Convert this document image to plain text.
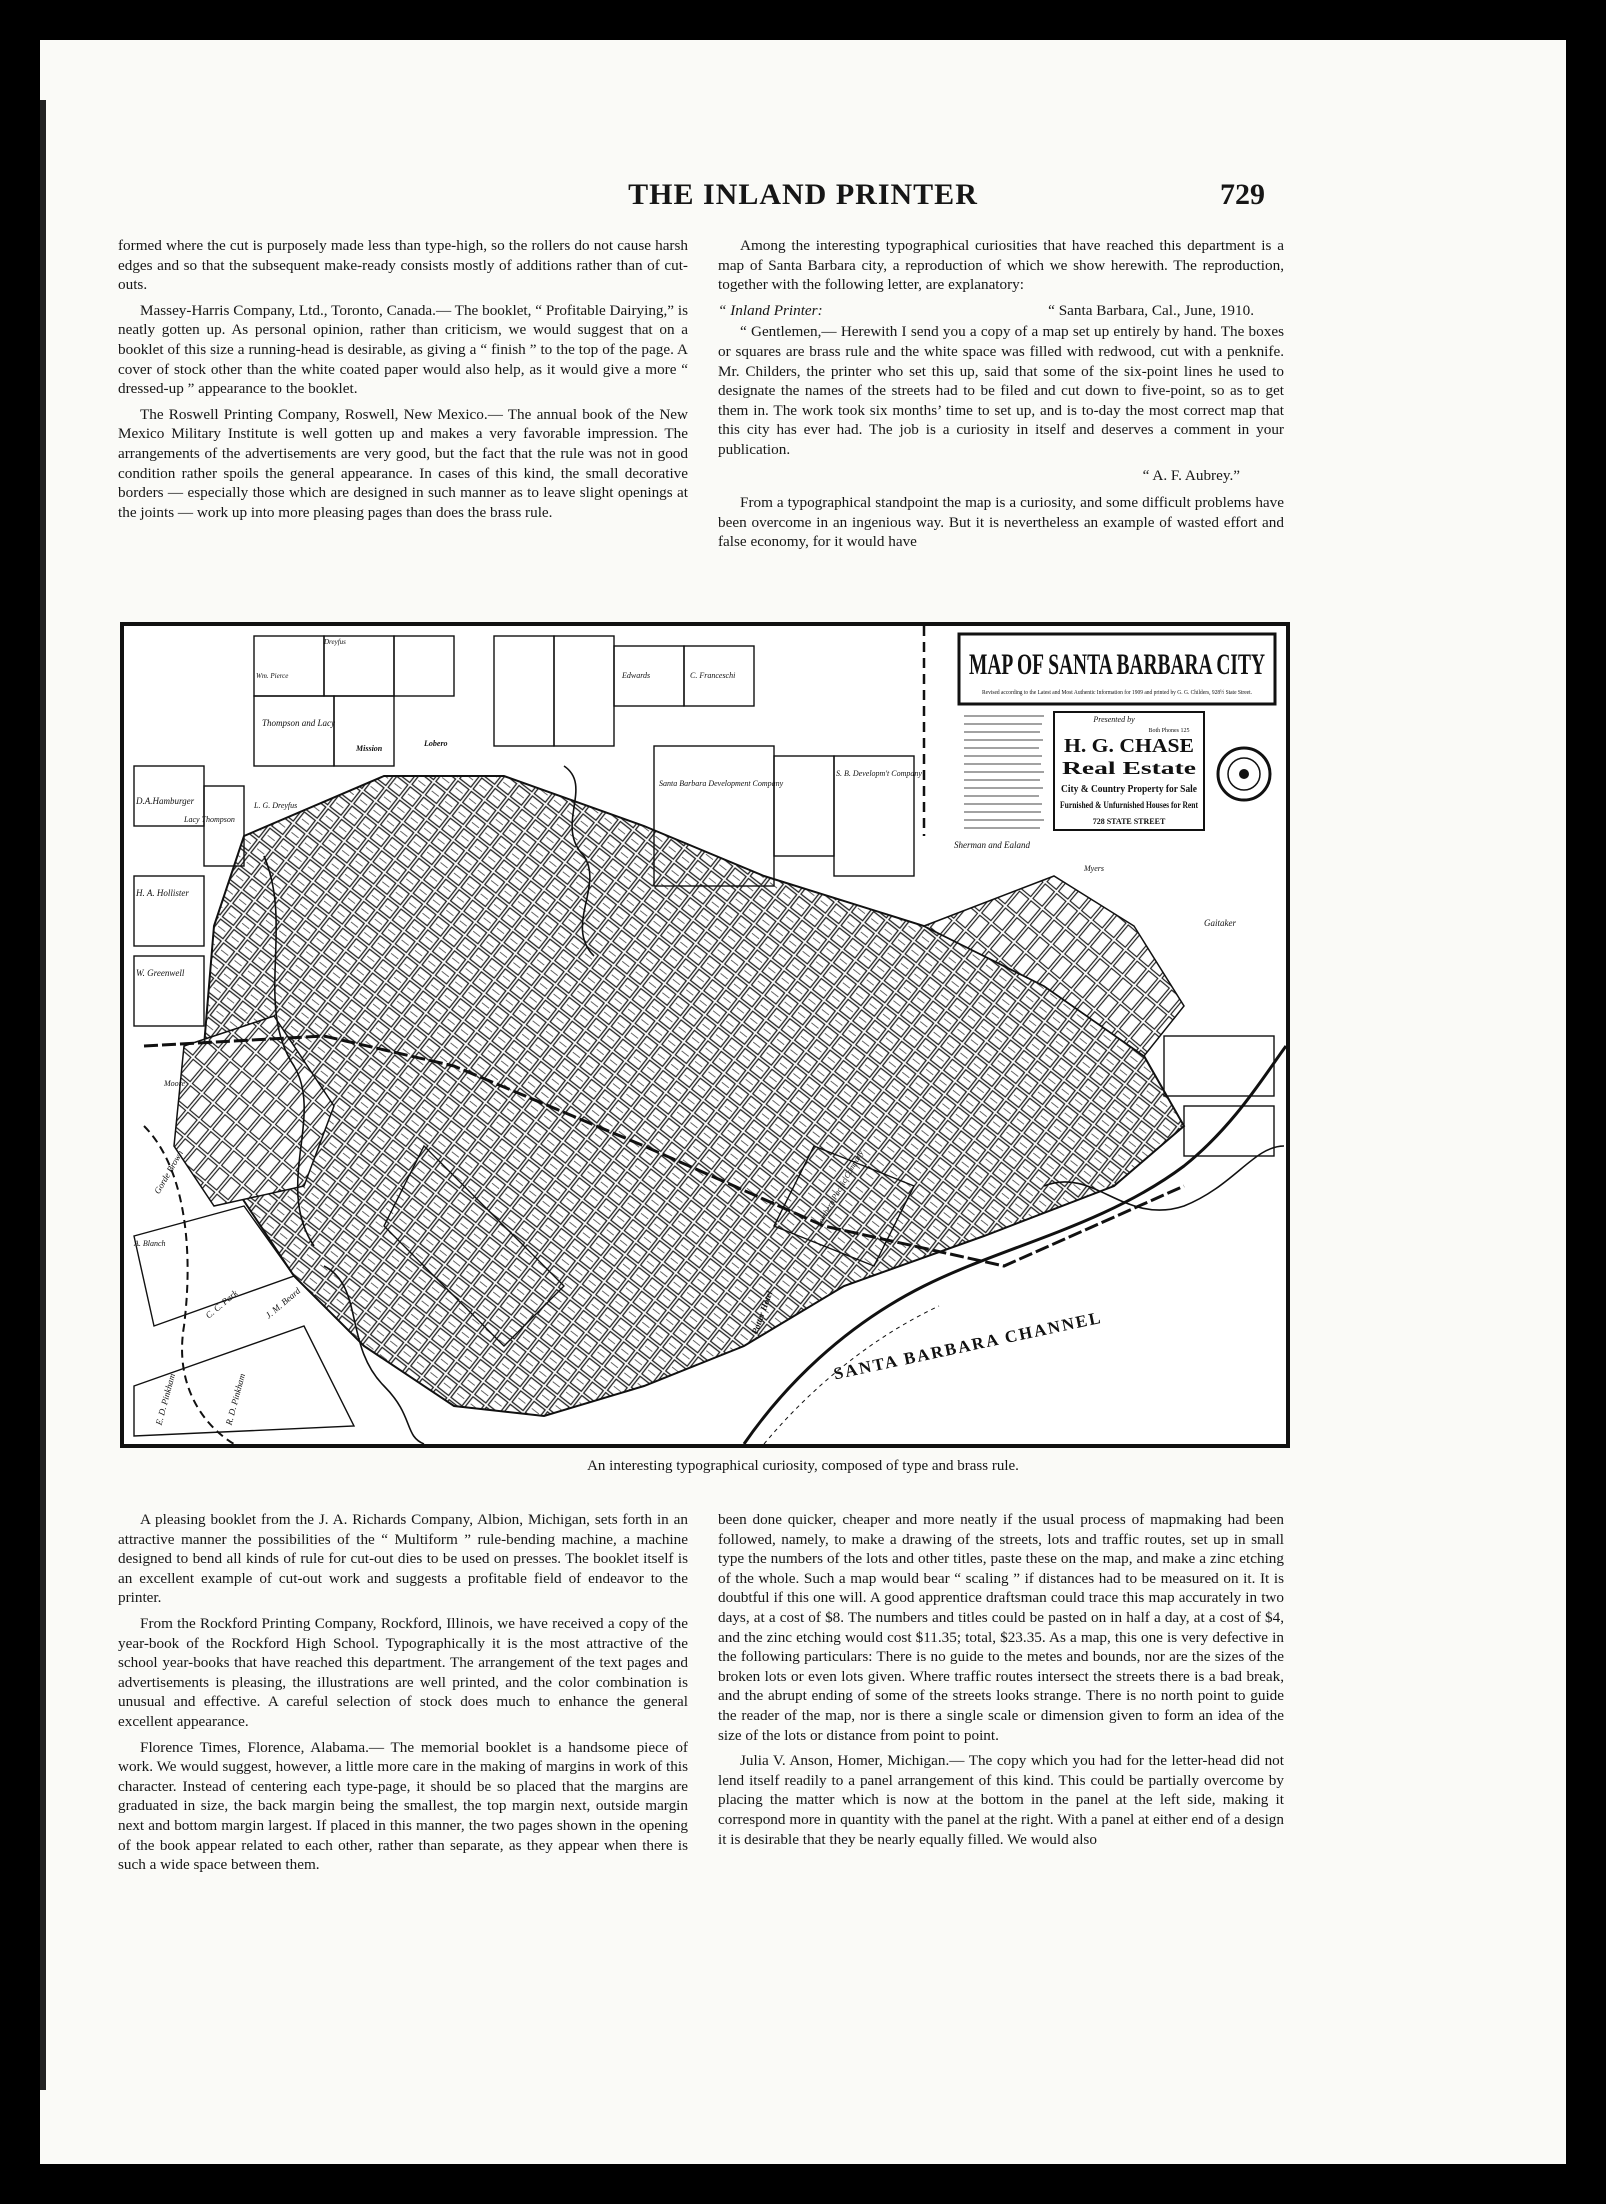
THE INLAND PRINTER	729

formed where the cut is purposely made less than type-high, so the rollers do not cause harsh edges and so that the subsequent make-ready consists mostly of additions rather than of cut-outs.

Massey-Harris Company, Ltd., Toronto, Canada.— The booklet, “ Profitable Dairying,” is neatly gotten up. As personal opinion, rather than criticism, we would suggest that on a booklet of this size a running-head is desirable, as giving a “ finish ” to the top of the page. A cover of stock other than the white coated paper would also help, as it would give a more “ dressed-up ” appearance to the booklet.

The Roswell Printing Company, Roswell, New Mexico.— The annual book of the New Mexico Military Institute is well gotten up and makes a very favorable impression. The arrangements of the advertisements are very good, but the fact that the rule was not in good condition rather spoils the general appearance. In cases of this kind, the small decorative borders — especially those which are designed in such manner as to leave slight openings at the joints — work up into more pleasing pages than does the brass rule.

Among the interesting typographical curiosities that have reached this department is a map of Santa Barbara city, a reproduction of which we show herewith. The reproduction, together with the following letter, are explanatory:

“ Inland Printer:	“ Santa Barbara, Cal., June, 1910.

“ Gentlemen,— Herewith I send you a copy of a map set up entirely by hand. The boxes or squares are brass rule and the white space was filled with redwood, cut with a penknife. Mr. Childers, the printer who set this up, said that some of the six-point lines he used to designate the names of the streets had to be filed and cut down to five-point, so as to get them in. The work took six months’ time to set up, and is to-day the most correct map that this city has ever had. The job is a curiosity in itself and deserves a comment in your publication.

“ A. F. Aubrey.”

From a typographical standpoint the map is a curiosity, and some difficult problems have been overcome in an ingenious way. But it is nevertheless an example of wasted effort and false economy, for it would have

MAP OF SANTA BARBARA CITY
Revised according to the Latest and Most Authentic Information for 1909 and printed by G. G. Childers, 928½ State Street.
Presented by
Both Phones 125
H. G. CHASE
Real Estate
City & Country Property for Sale
Furnished & Unfurnished Houses for Rent
728 STATE STREET
Thompson and Lacy
D.A.Hamburger
Lacy Thompson
L. G. Dreyfus
H. A. Hollister
W. Greenwell
Santa Barbara Development Company
S. B. Developm't Company
Southern Pacific Company
Sherman and Ealand
Myers
C. C. Park	J. M. Beard
E. D. Pinkham	R. D. Pinkham
Gaitaker
Edwards	C. Franceschi
Mission
Potter Hotel
Gorde Brown
A. Blanch
Moore
Lobero
Dreyfus
Wm. Pierce
SANTA BARBARA CHANNEL
An interesting typographical curiosity, composed of type and brass rule.

A pleasing booklet from the J. A. Richards Company, Albion, Michigan, sets forth in an attractive manner the possibilities of the “ Multiform ” rule-bending machine, a machine designed to bend all kinds of rule for cut-out dies to be used on presses. The booklet itself is an excellent example of cut-out work and suggests a profitable field of endeavor to the printer.

From the Rockford Printing Company, Rockford, Illinois, we have received a copy of the year-book of the Rockford High School. Typographically it is the most attractive of the school year-books that have reached this department. The arrangement of the text pages and advertisements is pleasing, the illustrations are well printed, and the color combination is unusual and effective. A careful selection of stock does much to enhance the general excellent appearance.

Florence Times, Florence, Alabama.— The memorial booklet is a handsome piece of work. We would suggest, however, a little more care in the making of margins in work of this character. Instead of centering each type-page, it should be so placed that the margins are graduated in size, the back margin being the smallest, the top margin next, outside margin next and bottom margin largest. If placed in this manner, the two pages shown in the opening of the book appear related to each other, rather than separate, as they appear when there is such a wide space between them.

been done quicker, cheaper and more neatly if the usual process of mapmaking had been followed, namely, to make a drawing of the streets, lots and traffic routes, set up in small type the numbers of the lots and other titles, paste these on the map, and make a zinc etching of the whole. Such a map would bear “ scaling ” if distances had to be measured on it. It is doubtful if this one will. A good apprentice draftsman could trace this map accurately in two days, at a cost of $8. The numbers and titles could be pasted on in half a day, at a cost of $4, and the zinc etching would cost $11.35; total, $23.35. As a map, this one is very defective in the following particulars: There is no guide to the metes and bounds, nor are the sizes of the broken lots or even lots given. Where traffic routes intersect the streets there is a bad break, and the abrupt ending of some of the streets looks strange. There is no north point to guide the reader of the map, nor is there a single scale or dimension given to form an idea of the size of the lots or distance from point to point.

Julia V. Anson, Homer, Michigan.— The copy which you had for the letter-head did not lend itself readily to a panel arrangement of this kind. This could be partially overcome by placing the matter which is now at the bottom in the panel at the left side, making it correspond more in quantity with the panel at the right. With a panel at either end of a design it is desirable that they be nearly equally filled. We would also
